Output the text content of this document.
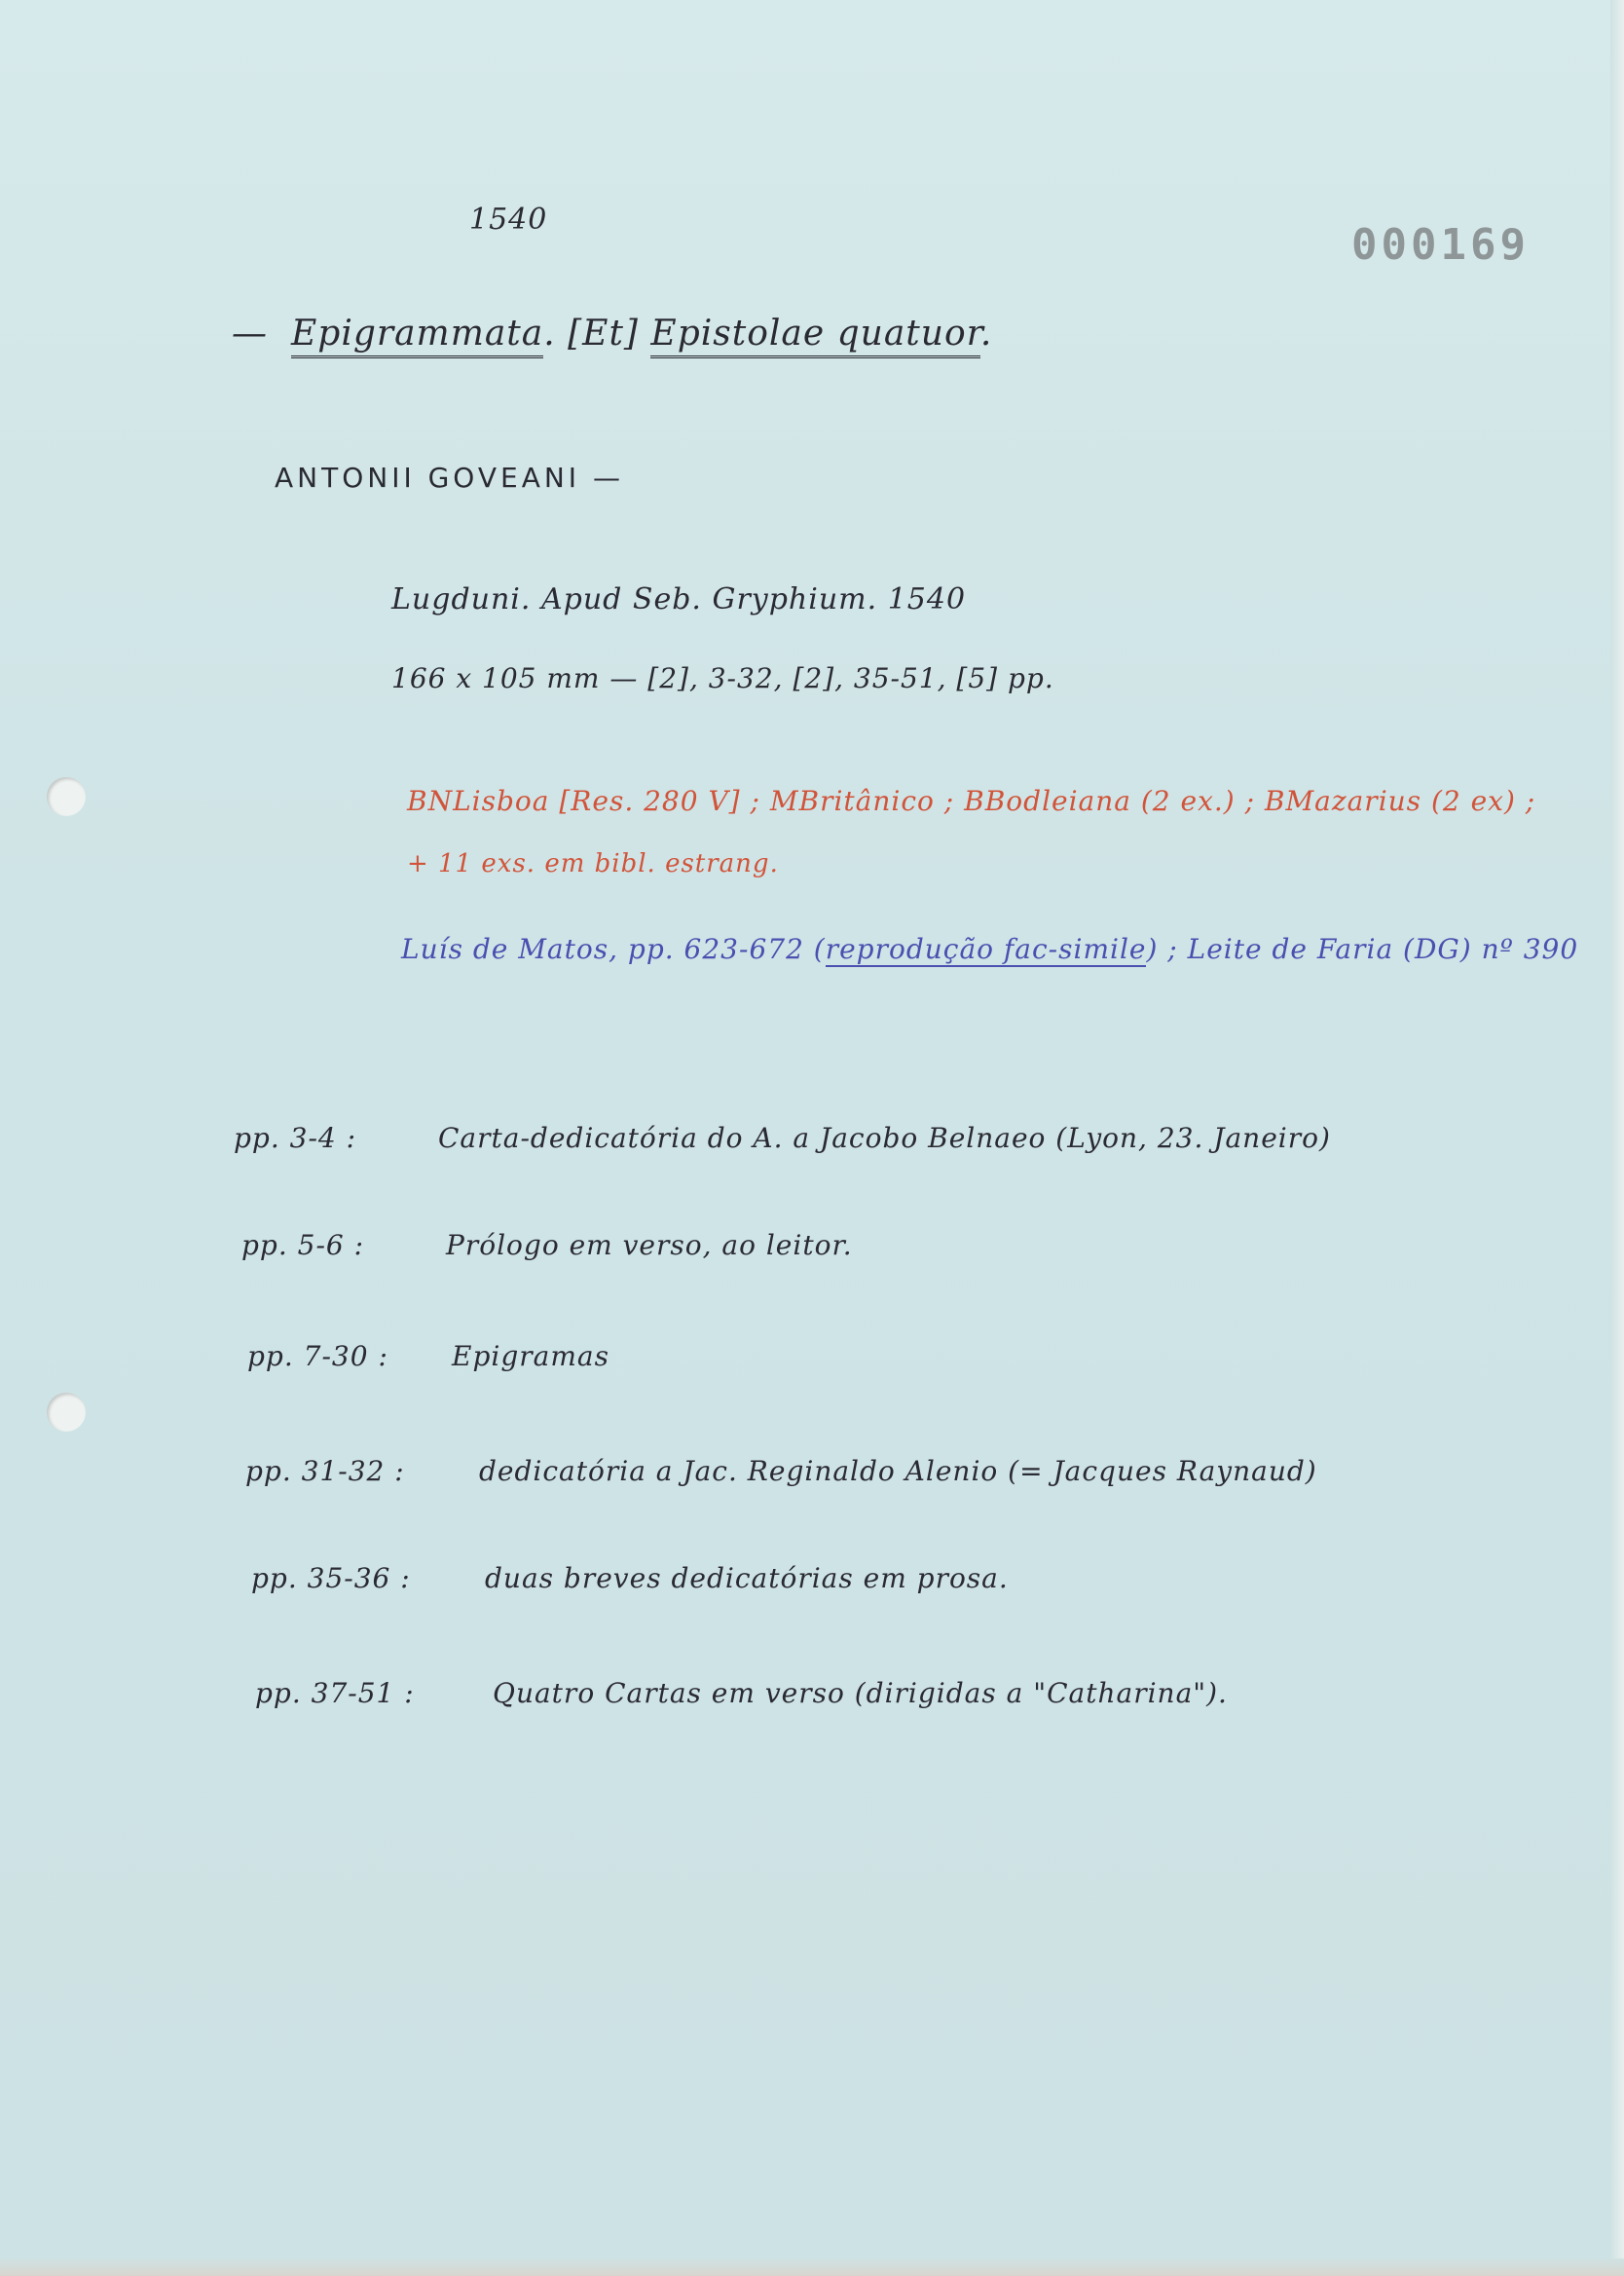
000169
1540
— Epigrammata. [Et] Epistolae quatuor.
ANTONII GOVEANI —
Lugduni. Apud Seb. Gryphium. 1540
166 x 105 mm — [2], 3-32, [2], 35-51, [5] pp.
BNLisboa [Res. 280 V] ; MBritânico ; BBodleiana (2 ex.) ; BMazarius (2 ex) ;
+ 11 exs. em bibl. estrang.
Luís de Matos, pp. 623-672 (reprodução fac-simile) ; Leite de Faria (DG) nº 390
pp. 3-4 :	Carta-dedicatória do A. a Jacobo Belnaeo (Lyon, 23. Janeiro)
pp. 5-6 :	Prólogo em verso, ao leitor.
pp. 7-30 : Epigramas
pp. 31-32 :	dedicatória a Jac. Reginaldo Alenio (= Jacques Raynaud)
pp. 35-36 :	duas breves dedicatórias em prosa.
pp. 37-51 :	Quatro Cartas em verso (dirigidas a "Catharina").
